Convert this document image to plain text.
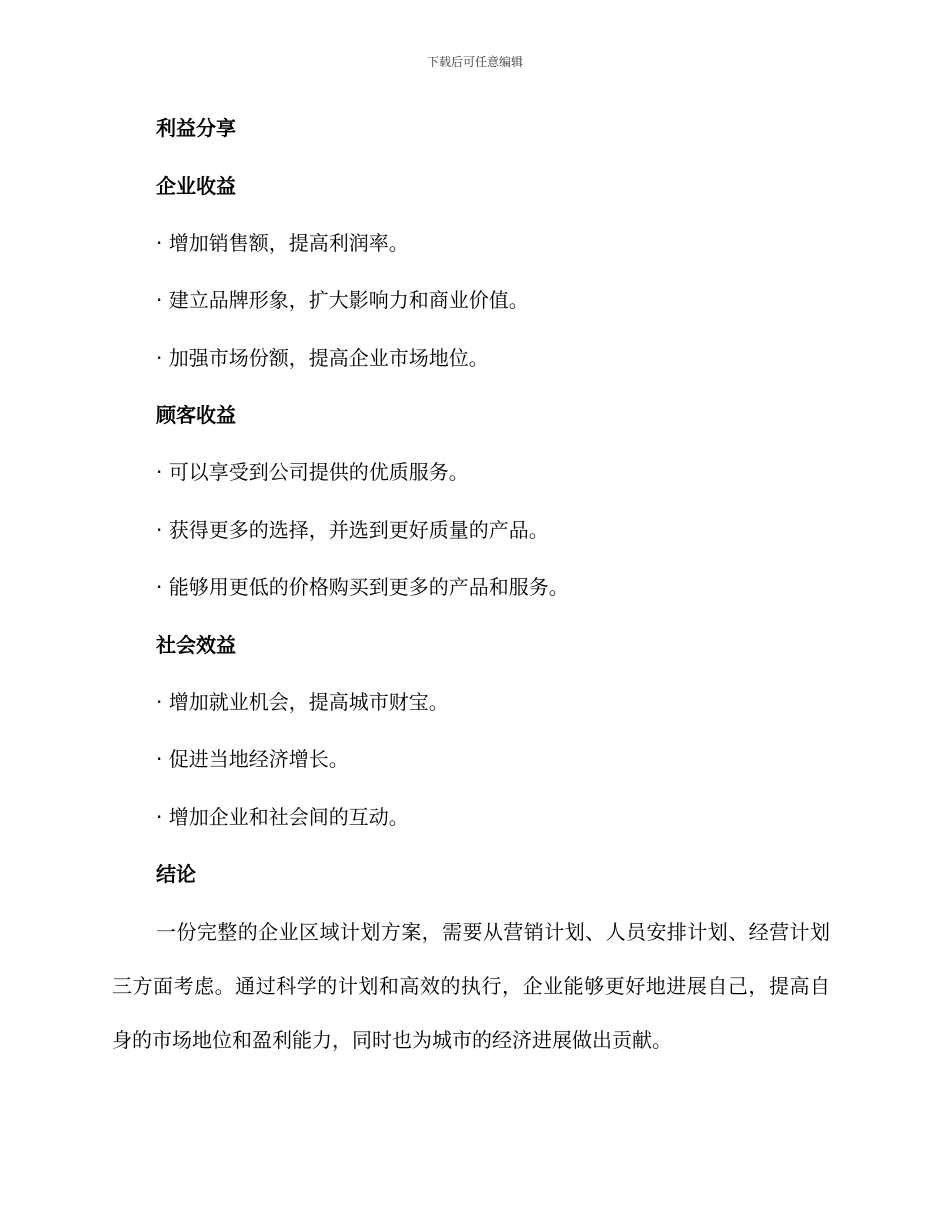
下载后可任意编辑
利益分享
企业收益
· 增加销售额，提高利润率。
· 建立品牌形象，扩大影响力和商业价值。
· 加强市场份额，提高企业市场地位。
顾客收益
· 可以享受到公司提供的优质服务。
· 获得更多的选择，并选到更好质量的产品。
· 能够用更低的价格购买到更多的产品和服务。
社会效益
· 增加就业机会，提高城市财宝。
· 促进当地经济增长。
· 增加企业和社会间的互动。
结论
一份完整的企业区域计划方案，需要从营销计划、人员安排计划、经营计划三方面考虑。通过科学的计划和高效的执行，企业能够更好地进展自己，提高自身的市场地位和盈利能力，同时也为城市的经济进展做出贡献。
